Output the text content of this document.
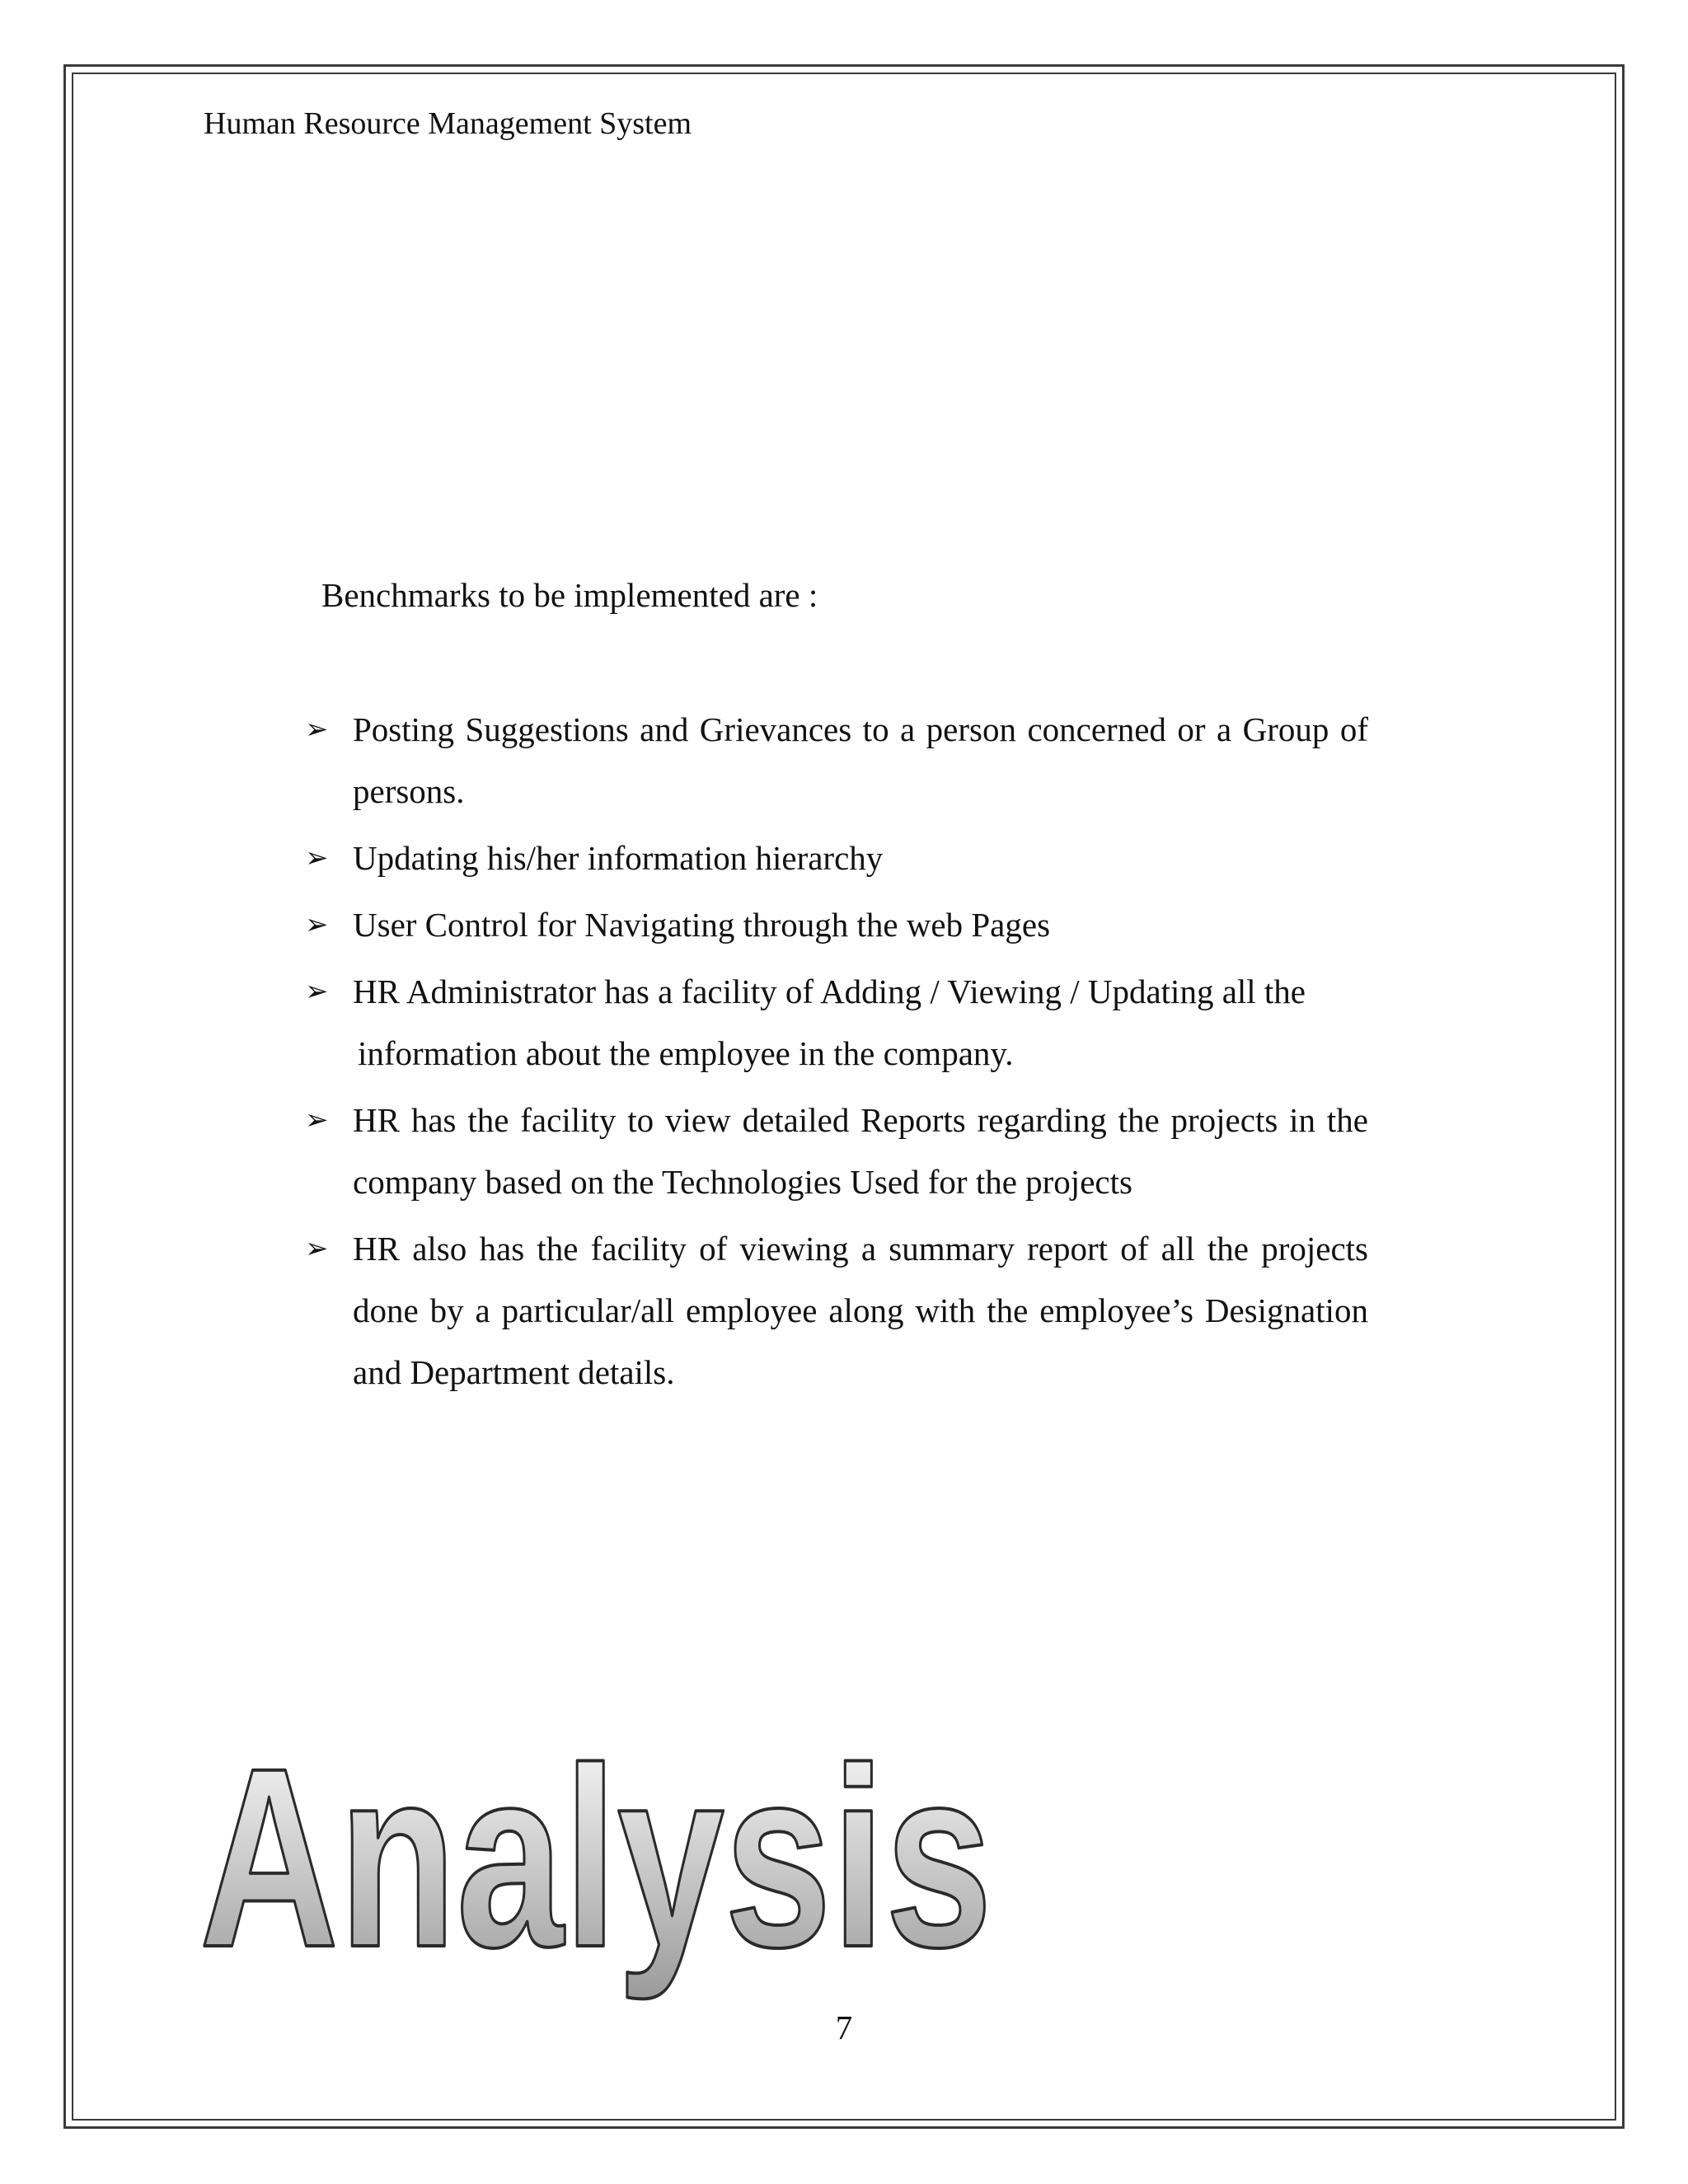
Human Resource Management System
Benchmarks to be implemented are :
➢ Posting Suggestions and Grievances to a person concerned or a Group of persons.
➢ Updating his/her information hierarchy
➢ User Control for Navigating through the web Pages
➢ HR Administrator has a facility of Adding / Viewing / Updating all the
information about the employee in the company.
➢ HR has the facility to view detailed Reports regarding the projects in the company based on the Technologies Used for the projects
➢ HR also has the facility of viewing a summary report of all the projects done by a particular/all employee along with the employee’s Designation and Department details.
Analysis
7
